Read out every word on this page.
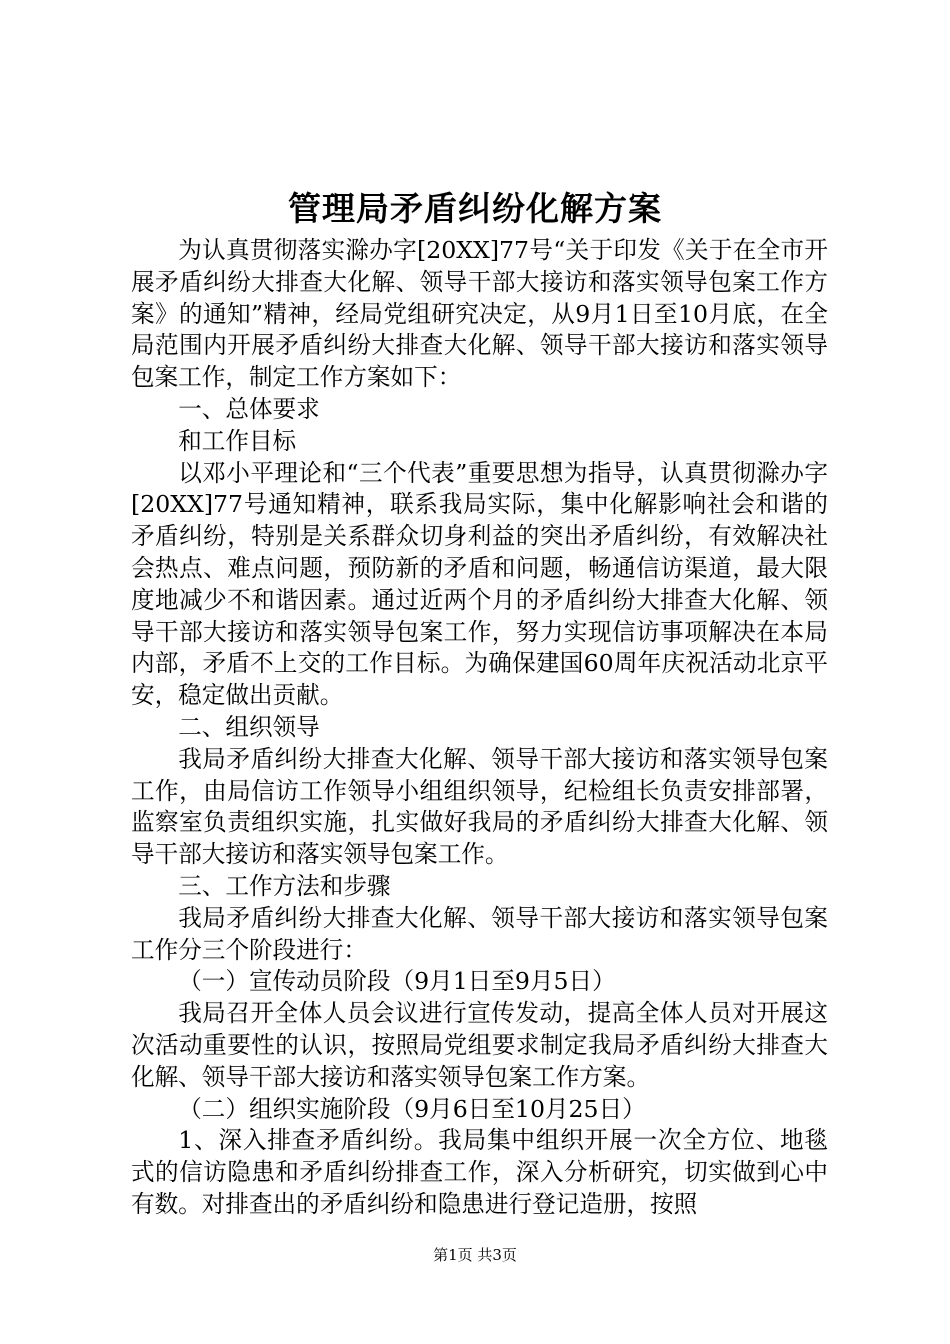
管理局矛盾纠纷化解方案

为认真贯彻落实滁办字[20XX]77号“关于印发《关于在全市开展矛盾纠纷大排查大化解、领导干部大接访和落实领导包案工作方案》的通知”精神，经局党组研究决定，从9月1日至10月底，在全局范围内开展矛盾纠纷大排查大化解、领导干部大接访和落实领导包案工作，制定工作方案如下：

一、总体要求

和工作目标

以邓小平理论和“三个代表”重要思想为指导，认真贯彻滁办字[20XX]77号通知精神，联系我局实际，集中化解影响社会和谐的矛盾纠纷，特别是关系群众切身利益的突出矛盾纠纷，有效解决社会热点、难点问题，预防新的矛盾和问题，畅通信访渠道，最大限度地减少不和谐因素。通过近两个月的矛盾纠纷大排查大化解、领导干部大接访和落实领导包案工作，努力实现信访事项解决在本局内部，矛盾不上交的工作目标。为确保建国60周年庆祝活动北京平安，稳定做出贡献。

二、组织领导

我局矛盾纠纷大排查大化解、领导干部大接访和落实领导包案工作，由局信访工作领导小组组织领导，纪检组长负责安排部署，监察室负责组织实施，扎实做好我局的矛盾纠纷大排查大化解、领导干部大接访和落实领导包案工作。

三、工作方法和步骤

我局矛盾纠纷大排查大化解、领导干部大接访和落实领导包案工作分三个阶段进行：

（一）宣传动员阶段（9月1日至9月5日）

我局召开全体人员会议进行宣传发动，提高全体人员对开展这次活动重要性的认识，按照局党组要求制定我局矛盾纠纷大排查大化解、领导干部大接访和落实领导包案工作方案。

（二）组织实施阶段（9月6日至10月25日）

1、深入排查矛盾纠纷。我局集中组织开展一次全方位、地毯式的信访隐患和矛盾纠纷排查工作，深入分析研究，切实做到心中有数。对排查出的矛盾纠纷和隐患进行登记造册，按照

第1页 共3页
